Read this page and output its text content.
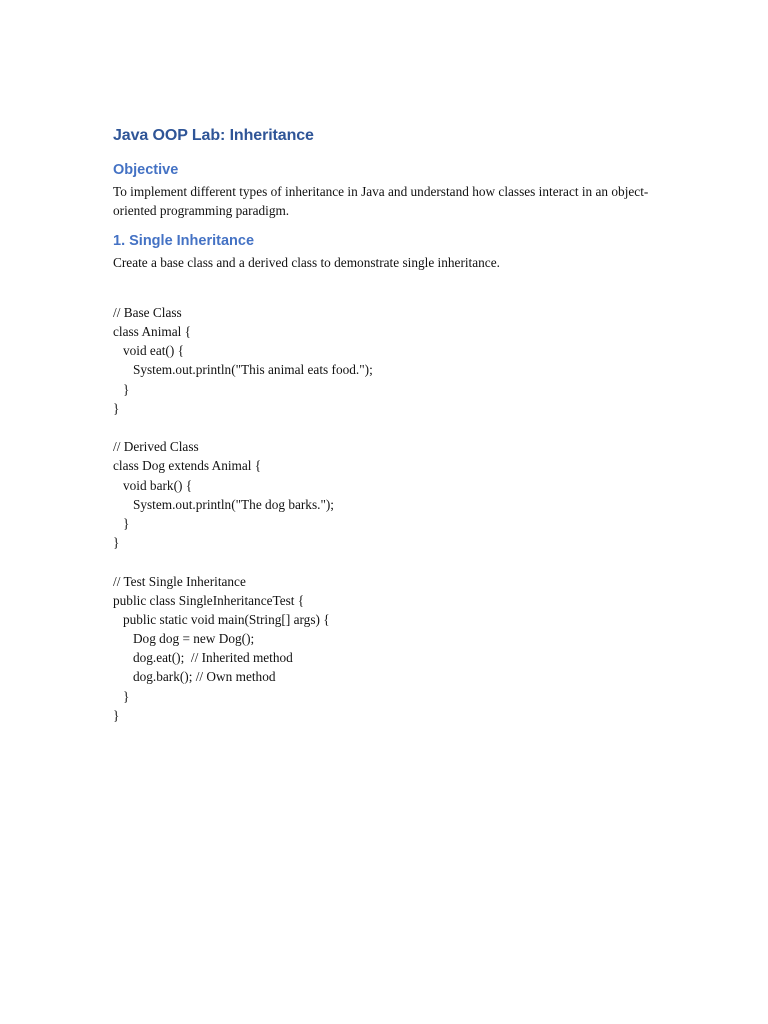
Java OOP Lab: Inheritance
Objective

To implement different types of inheritance in Java and understand how classes interact in an object-oriented programming paradigm.

1. Single Inheritance

Create a base class and a derived class to demonstrate single inheritance.

// Base Class
class Animal {
void eat() {
System.out.println("This animal eats food.");
}
}
// Derived Class
class Dog extends Animal {
void bark() {
System.out.println("The dog barks.");
}
}
// Test Single Inheritance
public class SingleInheritanceTest {
public static void main(String[] args) {
Dog dog = new Dog();
dog.eat();  // Inherited method
dog.bark(); // Own method
}
}
